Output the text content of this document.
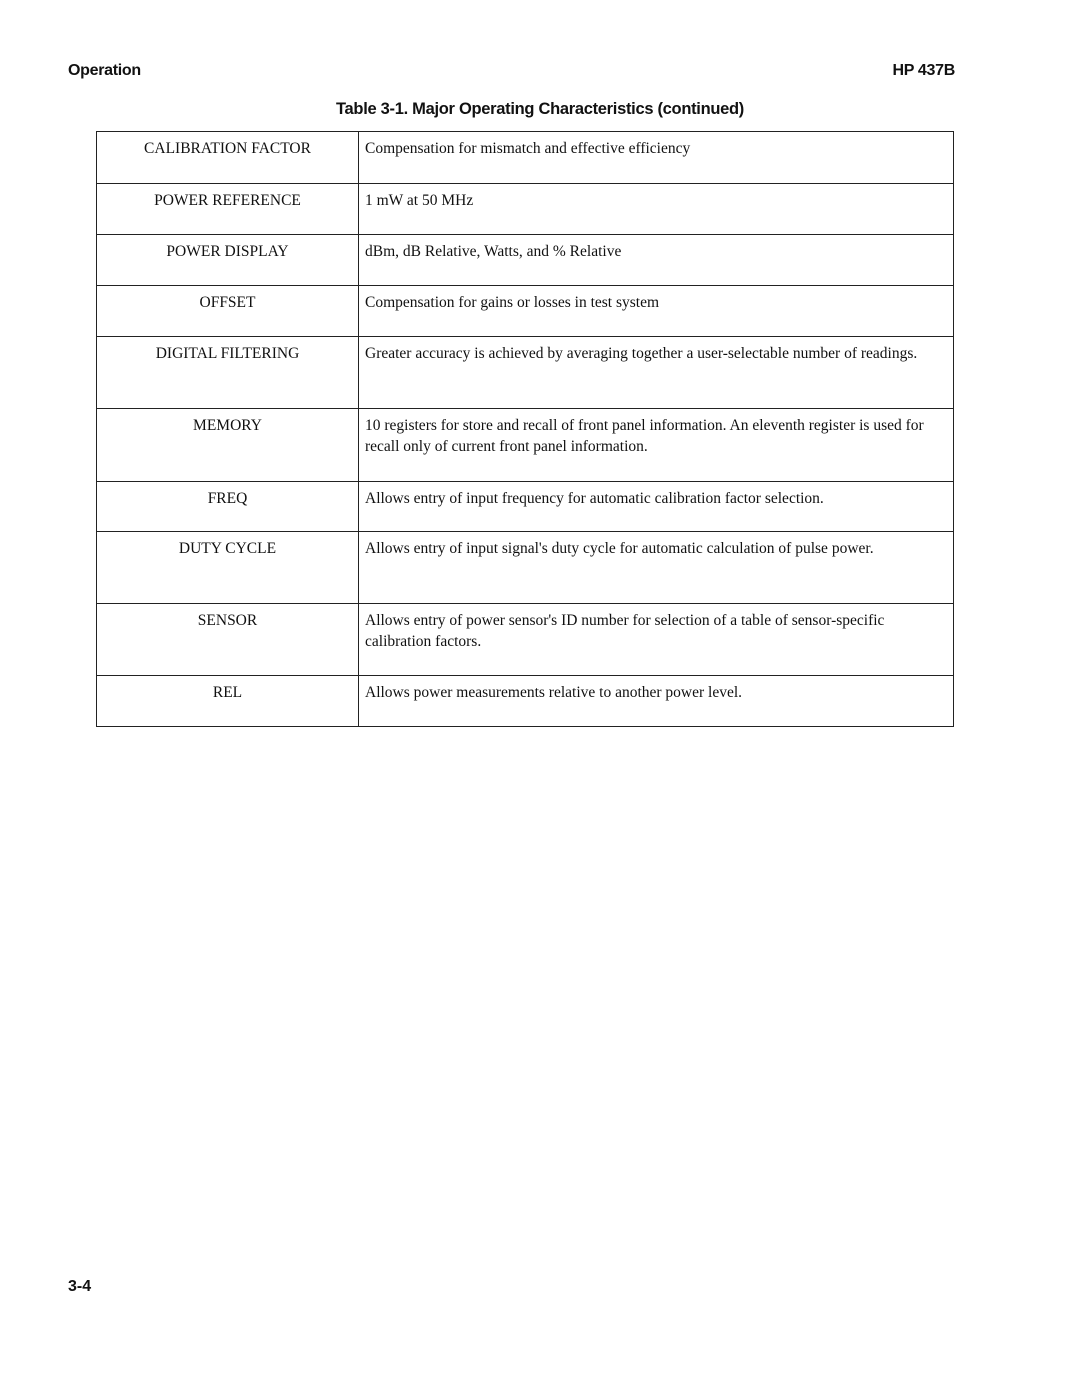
Operation	HP 437B
Table 3-1. Major Operating Characteristics (continued)
CALIBRATION FACTOR	Compensation for mismatch and effective efficiency
POWER REFERENCE	1 mW at 50 MHz
POWER DISPLAY	dBm, dB Relative, Watts, and % Relative
OFFSET	Compensation for gains or losses in test system
DIGITAL FILTERING	Greater accuracy is achieved by averaging together a user-selectable number of readings.
MEMORY	10 registers for store and recall of front panel information. An eleventh register is used for recall only of current front panel information.
FREQ	Allows entry of input frequency for automatic calibration factor selection.
DUTY CYCLE	Allows entry of input signal's duty cycle for automatic calculation of pulse power.
SENSOR	Allows entry of power sensor's ID number for selection of a table of sensor-specific calibration factors.
REL	Allows power measurements relative to another power level.
3-4
